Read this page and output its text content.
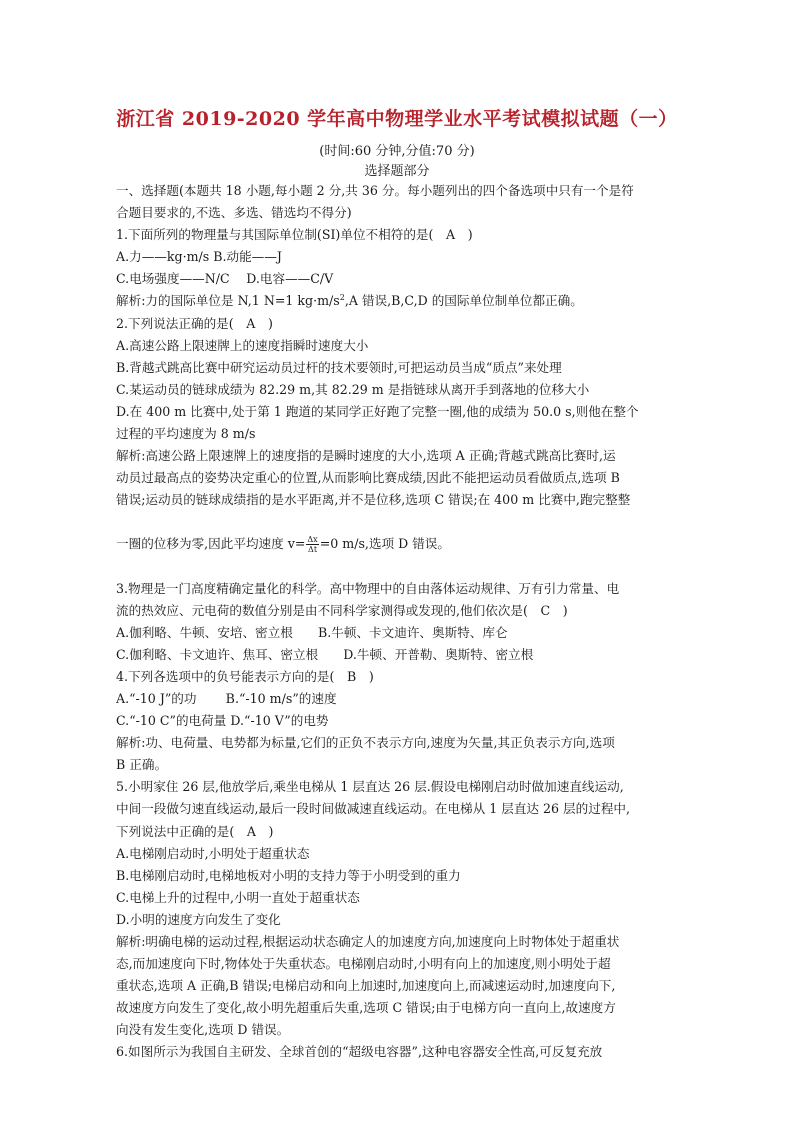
浙江省 2019-2020 学年高中物理学业水平考试模拟试题（一）
(时间:60 分钟,分值:70 分)
选择题部分

一、选择题(本题共 18 小题,每小题 2 分,共 36 分。每小题列出的四个备选项中只有一个是符

合题目要求的,不选、多选、错选均不得分)

1.下面所列的物理量与其国际单位制(SI)单位不相符的是(　A　)

A.力——kg·m/s B.动能——J

C.电场强度——N/C　 D.电容——C/V

解析:力的国际单位是 N,1 N=1 $kg\cdot m/s^2,A$ 错误,B,C,D 的国际单位制单位都正确。

2.下列说法正确的是(　A　)

A.高速公路上限速牌上的速度指瞬时速度大小

B.背越式跳高比赛中研究运动员过杆的技术要领时,可把运动员当成“质点”来处理

C.某运动员的链球成绩为 82.29 m,其 82.29 m 是指链球从离开手到落地的位移大小

D.在 400 m 比赛中,处于第 1 跑道的某同学正好跑了完整一圈,他的成绩为 50.0 s,则他在整个

过程的平均速度为 8 m/s

解析:高速公路上限速牌上的速度指的是瞬时速度的大小,选项 A 正确;背越式跳高比赛时,运

动员过最高点的姿势决定重心的位置,从而影响比赛成绩,因此不能把运动员看做质点,选项 B

错误;运动员的链球成绩指的是水平距离,并不是位移,选项 C 错误;在 400 m 比赛中,跑完整整

一圈的位移为零,因此平均速度 $v= \frac{\Delta x}{\Delta t} =0$ m/s,选项 D 错误。

3.物理是一门高度精确定量化的科学。高中物理中的自由落体运动规律、万有引力常量、电

流的热效应、元电荷的数值分别是由不同科学家测得或发现的,他们依次是(　C　)

A.伽利略、牛顿、安培、密立根　　B.牛顿、卡文迪许、奥斯特、库仑

C.伽利略、卡文迪许、焦耳、密立根　　D.牛顿、开普勒、奥斯特、密立根

4.下列各选项中的负号能表示方向的是(　B　)

A.“-10 J”的功　　 B.“-10 m/s”的速度

C.“-10 C”的电荷量 D.“-10 V”的电势

解析:功、电荷量、电势都为标量,它们的正负不表示方向,速度为矢量,其正负表示方向,选项

B 正确。

5.小明家住 26 层,他放学后,乘坐电梯从 1 层直达 26 层.假设电梯刚启动时做加速直线运动,

中间一段做匀速直线运动,最后一段时间做减速直线运动。在电梯从 1 层直达 26 层的过程中,

下列说法中正确的是(　A　)

A.电梯刚启动时,小明处于超重状态

B.电梯刚启动时,电梯地板对小明的支持力等于小明受到的重力

C.电梯上升的过程中,小明一直处于超重状态

D.小明的速度方向发生了变化

解析:明确电梯的运动过程,根据运动状态确定人的加速度方向,加速度向上时物体处于超重状

态,而加速度向下时,物体处于失重状态。电梯刚启动时,小明有向上的加速度,则小明处于超

重状态,选项 A 正确,B 错误;电梯启动和向上加速时,加速度向上,而减速运动时,加速度向下,

故速度方向发生了变化,故小明先超重后失重,选项 C 错误;由于电梯方向一直向上,故速度方

向没有发生变化,选项 D 错误。

6.如图所示为我国自主研发、全球首创的“超级电容器”,这种电容器安全性高,可反复充放
